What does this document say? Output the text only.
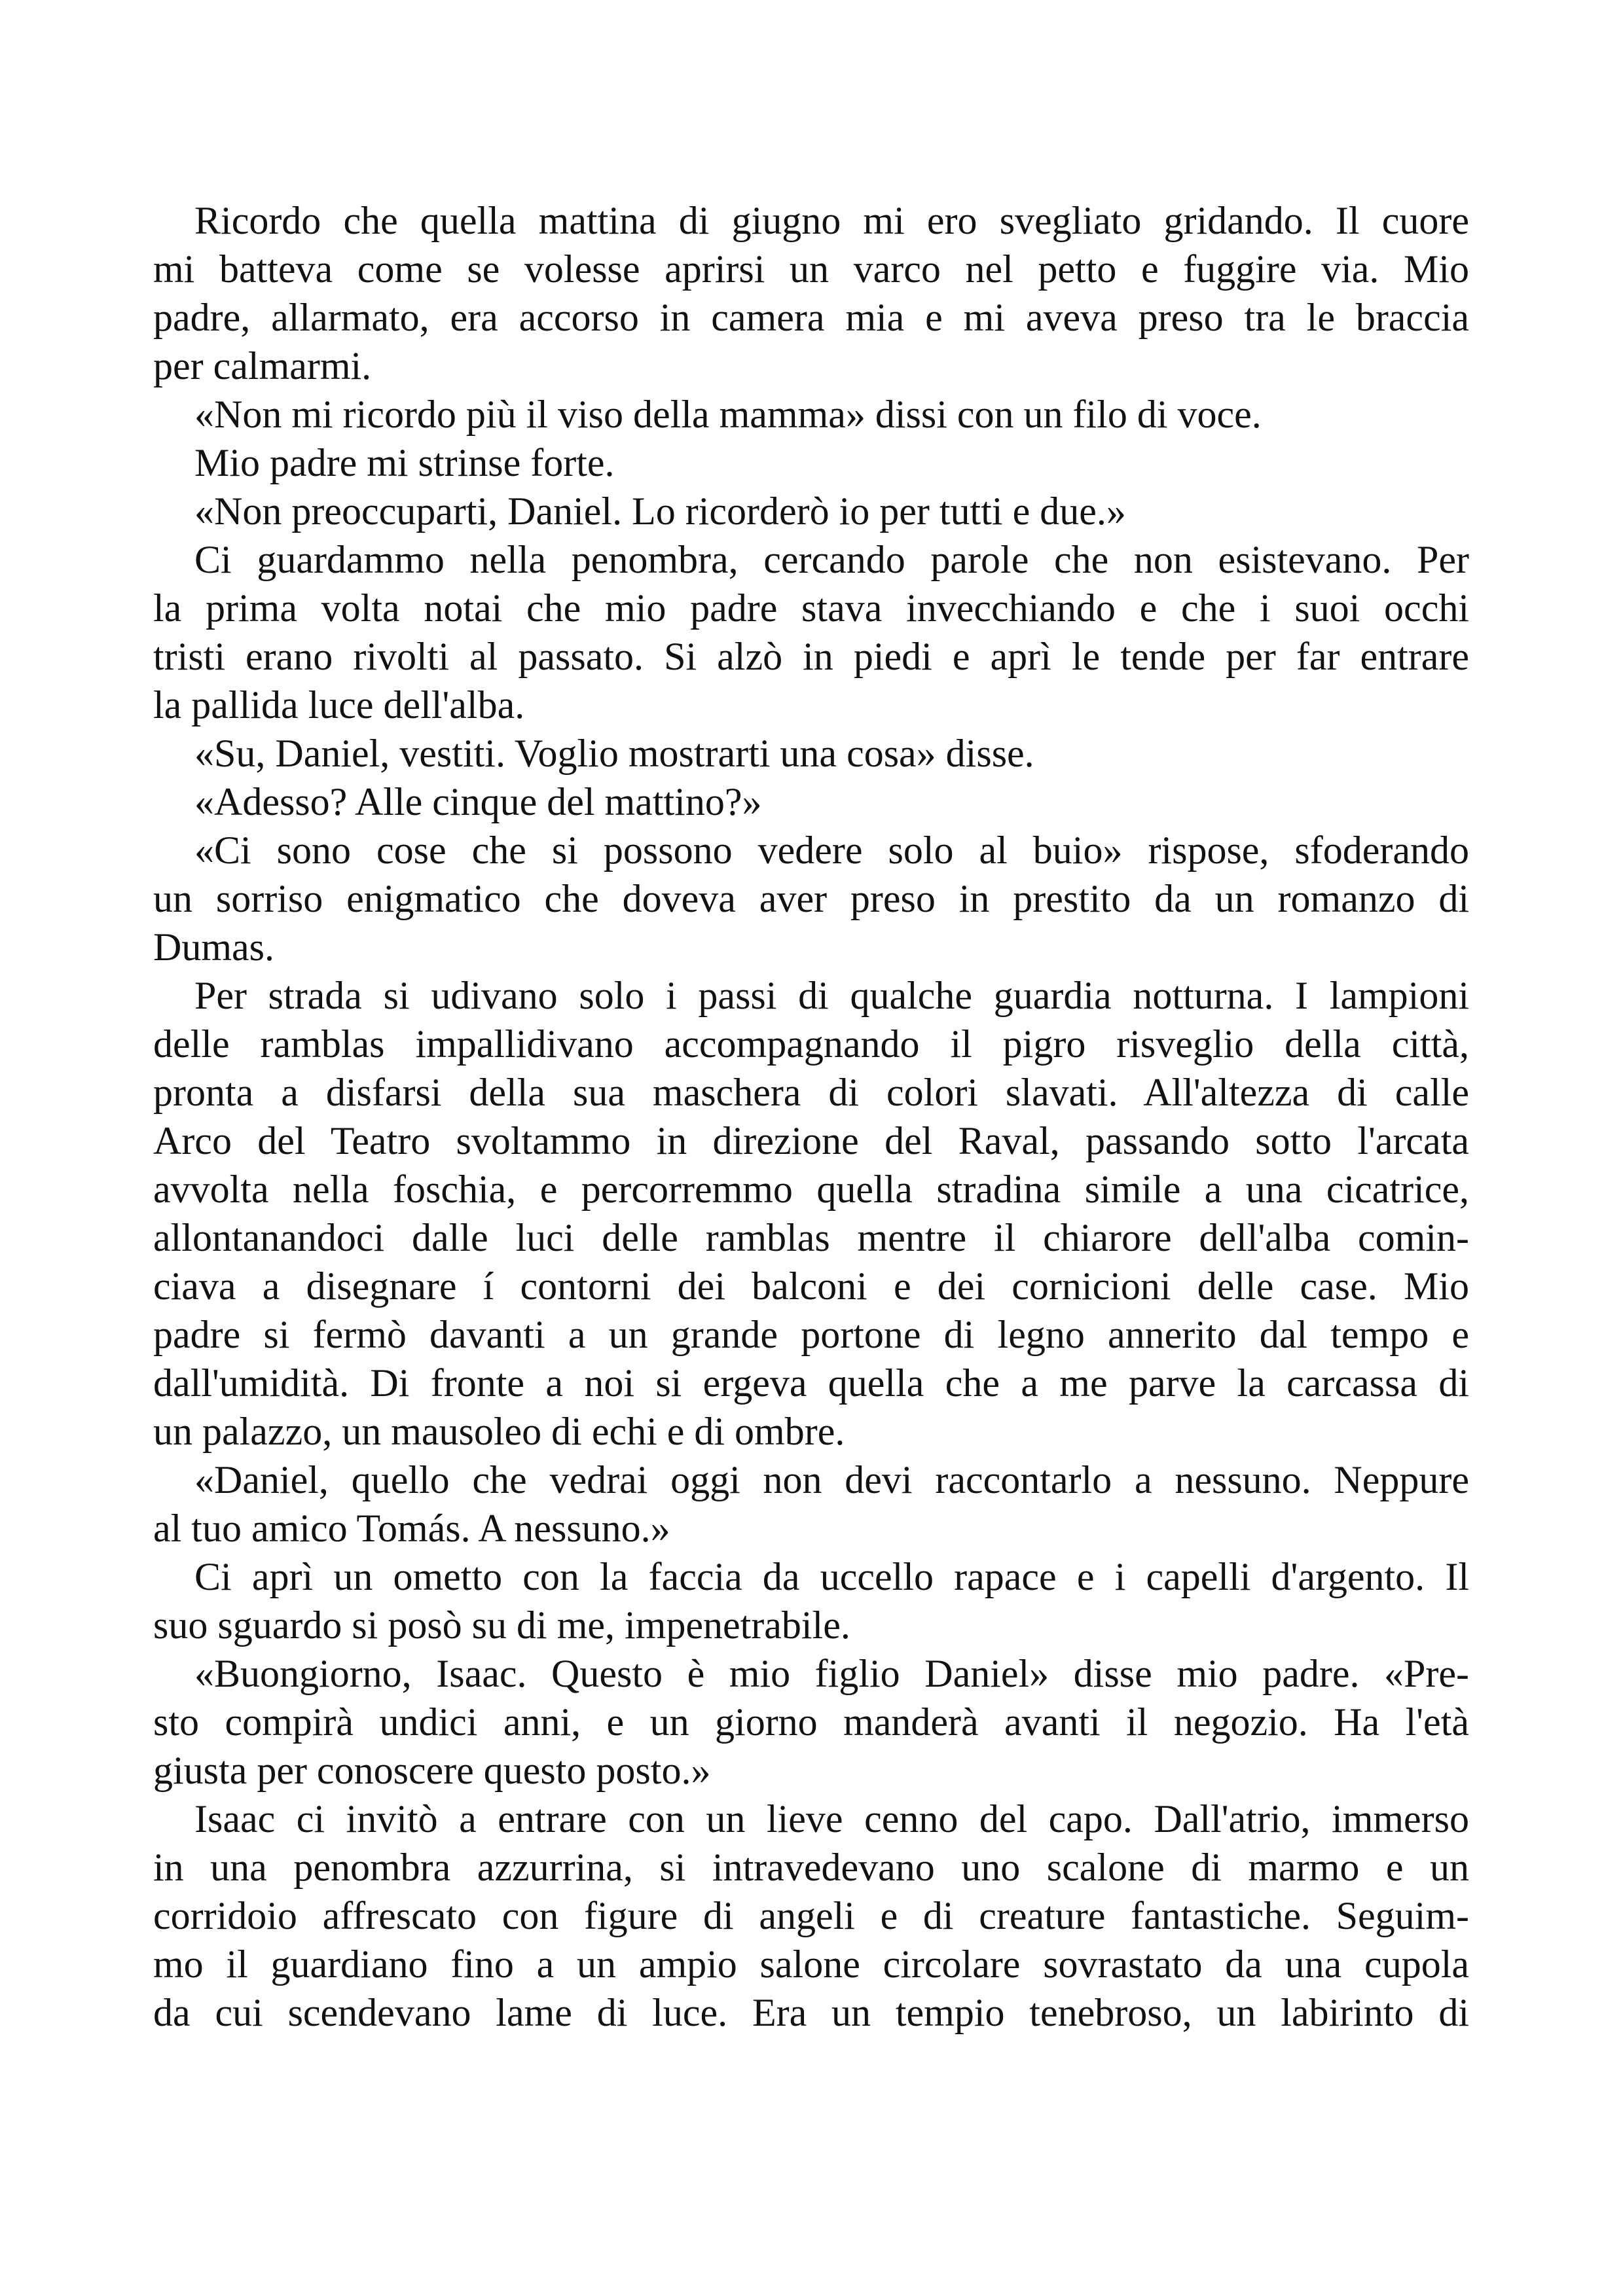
Ricordo che quella mattina di giugno mi ero svegliato gridando. Il cuore
mi batteva come se volesse aprirsi un varco nel petto e fuggire via. Mio
padre, allarmato, era accorso in camera mia e mi aveva preso tra le braccia
per calmarmi.

«Non mi ricordo più il viso della mamma» dissi con un filo di voce.

Mio padre mi strinse forte.

«Non preoccuparti, Daniel. Lo ricorderò io per tutti e due.»

Ci guardammo nella penombra, cercando parole che non esistevano. Per
la prima volta notai che mio padre stava invecchiando e che i suoi occhi
tristi erano rivolti al passato. Si alzò in piedi e aprì le tende per far entrare
la pallida luce dell'alba.

«Su, Daniel, vestiti. Voglio mostrarti una cosa» disse.

«Adesso? Alle cinque del mattino?»

«Ci sono cose che si possono vedere solo al buio» rispose, sfoderando
un sorriso enigmatico che doveva aver preso in prestito da un romanzo di
Dumas.

Per strada si udivano solo i passi di qualche guardia notturna. I lampioni
delle ramblas impallidivano accompagnando il pigro risveglio della città,
pronta a disfarsi della sua maschera di colori slavati. All'altezza di calle
Arco del Teatro svoltammo in direzione del Raval, passando sotto l'arcata
avvolta nella foschia, e percorremmo quella stradina simile a una cicatrice,
allontanandoci dalle luci delle ramblas mentre il chiarore dell'alba comin-
ciava a disegnare í contorni dei balconi e dei cornicioni delle case. Mio
padre si fermò davanti a un grande portone di legno annerito dal tempo e
dall'umidità. Di fronte a noi si ergeva quella che a me parve la carcassa di
un palazzo, un mausoleo di echi e di ombre.

«Daniel, quello che vedrai oggi non devi raccontarlo a nessuno. Neppure
al tuo amico Tomás. A nessuno.»

Ci aprì un ometto con la faccia da uccello rapace e i capelli d'argento. Il
suo sguardo si posò su di me, impenetrabile.

«Buongiorno, Isaac. Questo è mio figlio Daniel» disse mio padre. «Pre-
sto compirà undici anni, e un giorno manderà avanti il negozio. Ha l'età
giusta per conoscere questo posto.»

Isaac ci invitò a entrare con un lieve cenno del capo. Dall'atrio, immerso
in una penombra azzurrina, si intravedevano uno scalone di marmo e un
corridoio affrescato con figure di angeli e di creature fantastiche. Seguim-
mo il guardiano fino a un ampio salone circolare sovrastato da una cupola
da cui scendevano lame di luce. Era un tempio tenebroso, un labirinto di
